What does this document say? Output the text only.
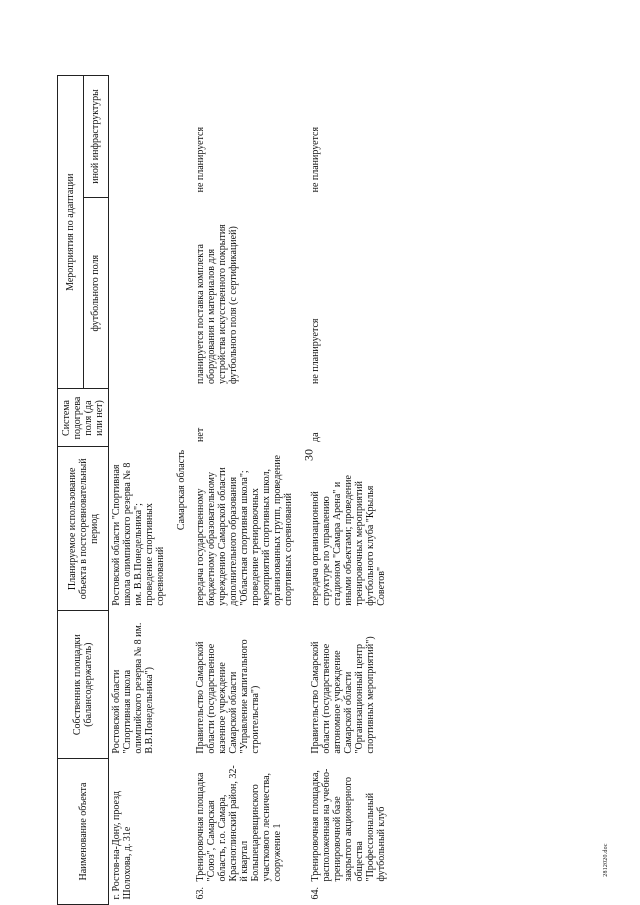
30
2812020.doc
Наименование объекта	Собственник площадки (балансодержатель)	Планируемое использование объекта в постсоревновательный период	Система подогрева поля (да или нет)	Мероприятия по адаптации	
				футбольного поля	иной инфраструктуры
г. Ростов-на-Дону, проезд Шолохова, д. 31е	Ростовской области "Спортивная школа олимпийского резерва № 8 им. В.В.Понедельника")	Ростовской области "Спортивная школа олимпийского резерва № 8 им. В.В.Понедельника"; проведение спортивных соревнований			
Самарская область					

63.
Тренировочная площадка "Союз", Самарская область, г.о. Самара, Красноглинский район, 32-й квартал Большецаревщинского участкового лесничества, сооружение 1	Правительство Самарской области (государственное казенное учреждение Самарской области "Управление капитального строительства")	передача государственному бюджетному образовательному учреждению Самарской области дополнительного образования "Областная спортивная школа"; проведение тренировочных мероприятий спортивных школ, организованных групп, проведение спортивных соревнований	нет	планируется поставка комплекта оборудования и материалов для устройства искусственного покрытия футбольного поля (с сертификацией)	не планируется

64.
Тренировочная площадка, расположенная на учебно-тренировочной базе закрытого акционерного общества "Профессиональный футбольный клуб	Правительство Самарской области (государственное автономное учреждение Самарской области "Организационный центр спортивных мероприятий")	передача организационной структуре по управлению стадионом "Самара Арена" и иными объектами; проведение тренировочных мероприятий футбольного клуба "Крылья Советов"	да	не планируется	не планируется
